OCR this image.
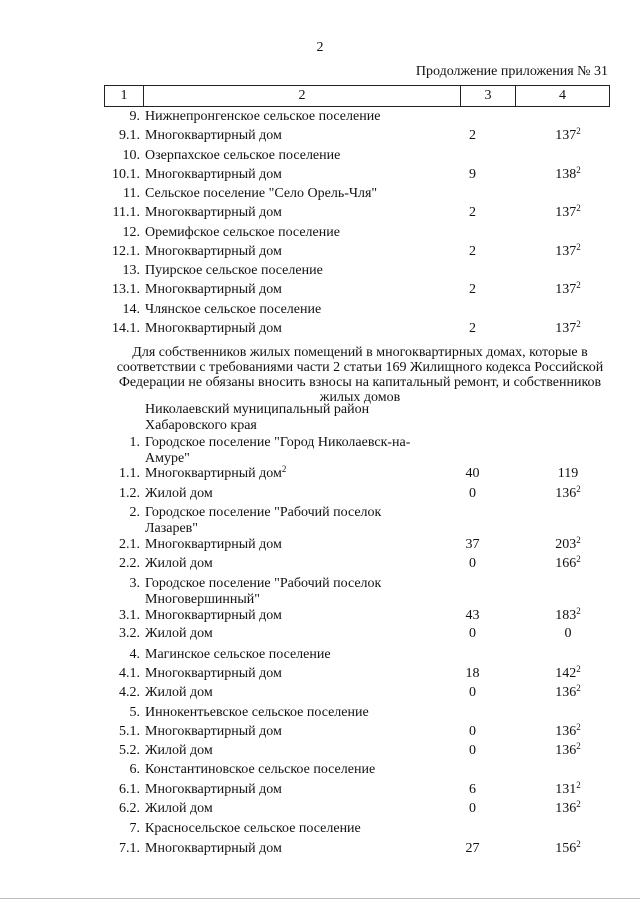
2
Продолжение приложения № 31
1	2	3	4
9. Нижнепронгенское сельское поселение
9.1. Многоквартирный дом	2	$137^2$
10. Озерпахское сельское поселение
10.1. Многоквартирный дом	9	$138^2$
11. Сельское поселение "Село Орель-Чля"
11.1. Многоквартирный дом	2	$137^2$
12. Оремифское сельское поселение
12.1. Многоквартирный дом	2	$137^2$
13. Пуирское сельское поселение
13.1. Многоквартирный дом	2	$137^2$
14. Члянское сельское поселение
14.1. Многоквартирный дом	2	$137^2$
Для собственников жилых помещений в многоквартирных домах, которые в соответствии с требованиями части 2 статьи 169 Жилищного кодекса Российской Федерации не обязаны вносить взносы на капитальный ремонт, и собственников жилых домов
Николаевский муниципальный район Хабаровского края
1. Городское поселение "Город Николаевск-на-Амуре"
1.1. Многоквартирный дом$^2$	40	119
1.2. Жилой дом	0	$136^2$
2. Городское поселение "Рабочий поселок Лазарев"
2.1. Многоквартирный дом	37	$203^2$
2.2. Жилой дом	0	$166^2$
3. Городское поселение "Рабочий поселок Многовершинный"
3.1. Многоквартирный дом	43	$183^2$
3.2. Жилой дом	0	0
4. Магинское сельское поселение
4.1. Многоквартирный дом	18	$142^2$
4.2. Жилой дом	0	$136^2$
5. Иннокентьевское сельское поселение
5.1. Многоквартирный дом	0	$136^2$
5.2. Жилой дом	0	$136^2$
6. Константиновское сельское поселение
6.1. Многоквартирный дом	6	$131^2$
6.2. Жилой дом	0	$136^2$
7. Красносельское сельское поселение
7.1. Многоквартирный дом	27	$156^2$
